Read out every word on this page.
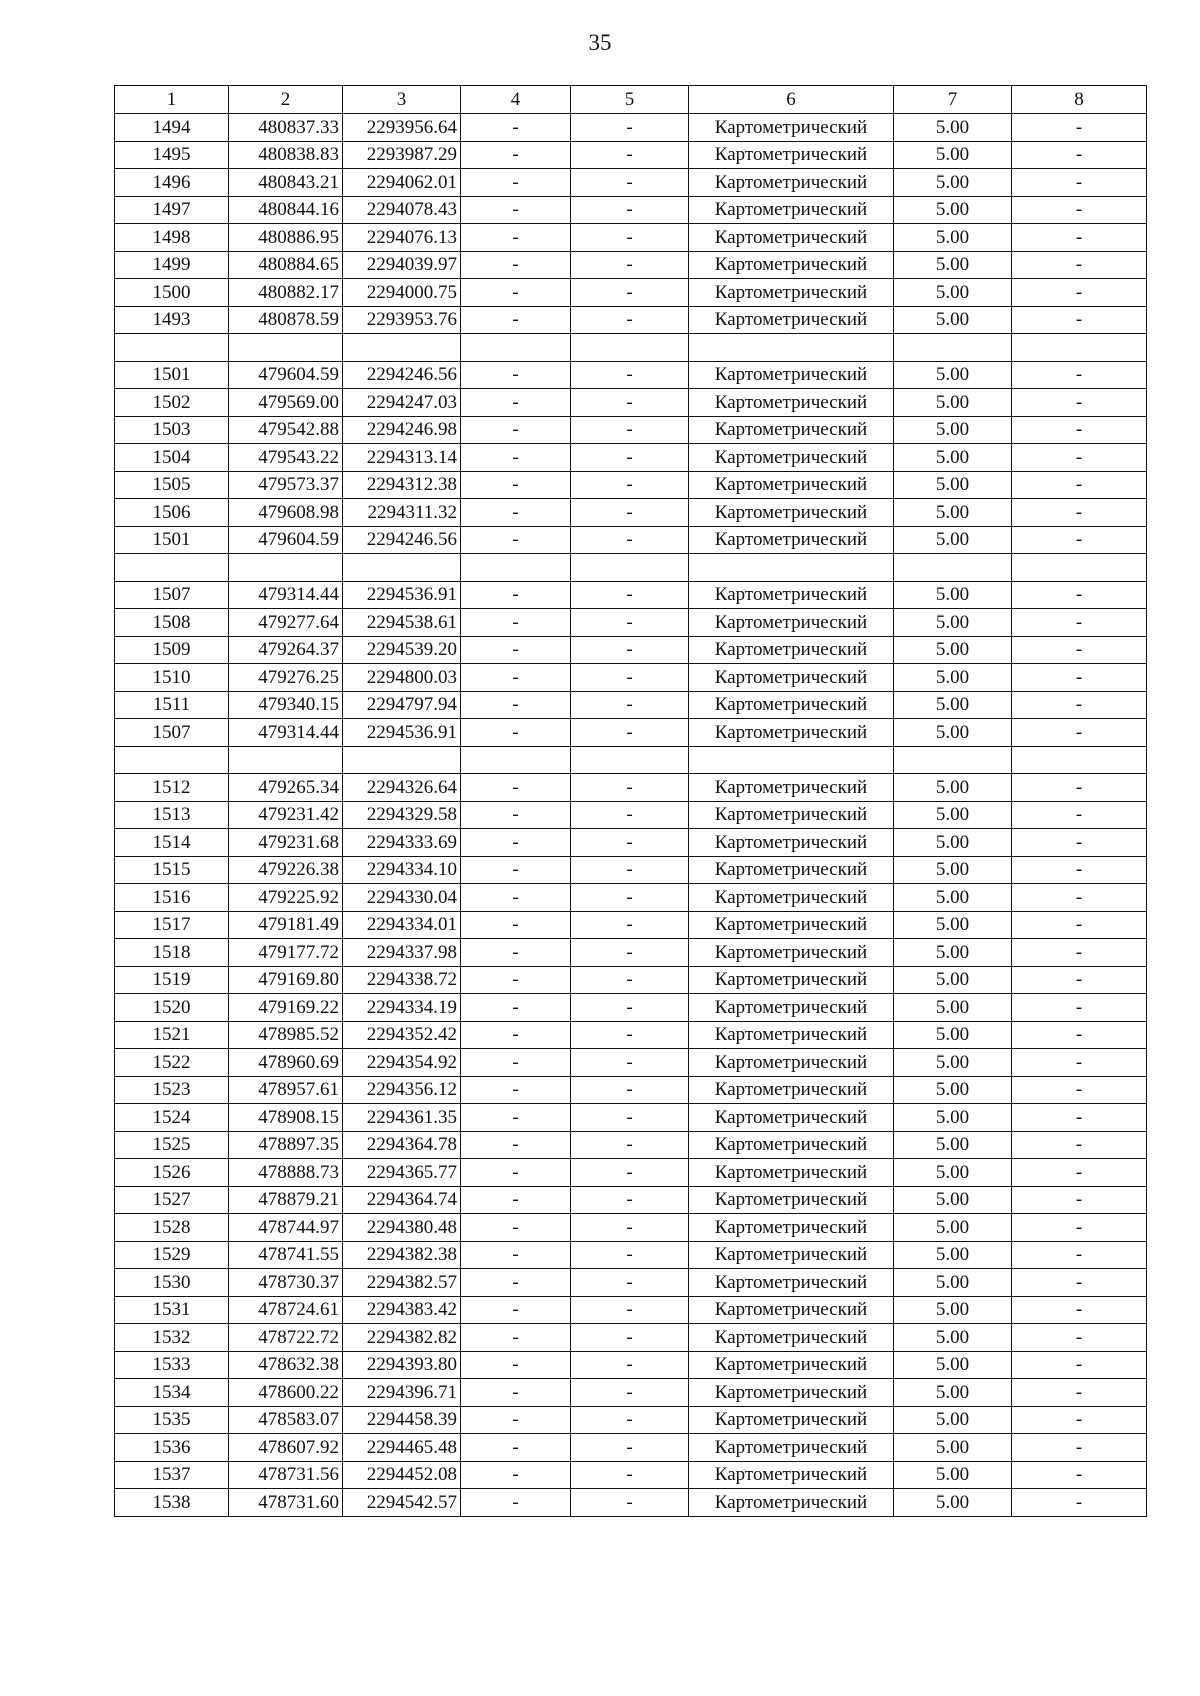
35
1	2	3	4	5	6	7	8
1494	480837.33	2293956.64	-	-	Картометрический	5.00	-
1495	480838.83	2293987.29	-	-	Картометрический	5.00	-
1496	480843.21	2294062.01	-	-	Картометрический	5.00	-
1497	480844.16	2294078.43	-	-	Картометрический	5.00	-
1498	480886.95	2294076.13	-	-	Картометрический	5.00	-
1499	480884.65	2294039.97	-	-	Картометрический	5.00	-
1500	480882.17	2294000.75	-	-	Картометрический	5.00	-
1493	480878.59	2293953.76	-	-	Картометрический	5.00	-

1501	479604.59	2294246.56	-	-	Картометрический	5.00	-
1502	479569.00	2294247.03	-	-	Картометрический	5.00	-
1503	479542.88	2294246.98	-	-	Картометрический	5.00	-
1504	479543.22	2294313.14	-	-	Картометрический	5.00	-
1505	479573.37	2294312.38	-	-	Картометрический	5.00	-
1506	479608.98	2294311.32	-	-	Картометрический	5.00	-
1501	479604.59	2294246.56	-	-	Картометрический	5.00	-

1507	479314.44	2294536.91	-	-	Картометрический	5.00	-
1508	479277.64	2294538.61	-	-	Картометрический	5.00	-
1509	479264.37	2294539.20	-	-	Картометрический	5.00	-
1510	479276.25	2294800.03	-	-	Картометрический	5.00	-
1511	479340.15	2294797.94	-	-	Картометрический	5.00	-
1507	479314.44	2294536.91	-	-	Картометрический	5.00	-

1512	479265.34	2294326.64	-	-	Картометрический	5.00	-
1513	479231.42	2294329.58	-	-	Картометрический	5.00	-
1514	479231.68	2294333.69	-	-	Картометрический	5.00	-
1515	479226.38	2294334.10	-	-	Картометрический	5.00	-
1516	479225.92	2294330.04	-	-	Картометрический	5.00	-
1517	479181.49	2294334.01	-	-	Картометрический	5.00	-
1518	479177.72	2294337.98	-	-	Картометрический	5.00	-
1519	479169.80	2294338.72	-	-	Картометрический	5.00	-
1520	479169.22	2294334.19	-	-	Картометрический	5.00	-
1521	478985.52	2294352.42	-	-	Картометрический	5.00	-
1522	478960.69	2294354.92	-	-	Картометрический	5.00	-
1523	478957.61	2294356.12	-	-	Картометрический	5.00	-
1524	478908.15	2294361.35	-	-	Картометрический	5.00	-
1525	478897.35	2294364.78	-	-	Картометрический	5.00	-
1526	478888.73	2294365.77	-	-	Картометрический	5.00	-
1527	478879.21	2294364.74	-	-	Картометрический	5.00	-
1528	478744.97	2294380.48	-	-	Картометрический	5.00	-
1529	478741.55	2294382.38	-	-	Картометрический	5.00	-
1530	478730.37	2294382.57	-	-	Картометрический	5.00	-
1531	478724.61	2294383.42	-	-	Картометрический	5.00	-
1532	478722.72	2294382.82	-	-	Картометрический	5.00	-
1533	478632.38	2294393.80	-	-	Картометрический	5.00	-
1534	478600.22	2294396.71	-	-	Картометрический	5.00	-
1535	478583.07	2294458.39	-	-	Картометрический	5.00	-
1536	478607.92	2294465.48	-	-	Картометрический	5.00	-
1537	478731.56	2294452.08	-	-	Картометрический	5.00	-
1538	478731.60	2294542.57	-	-	Картометрический	5.00	-
